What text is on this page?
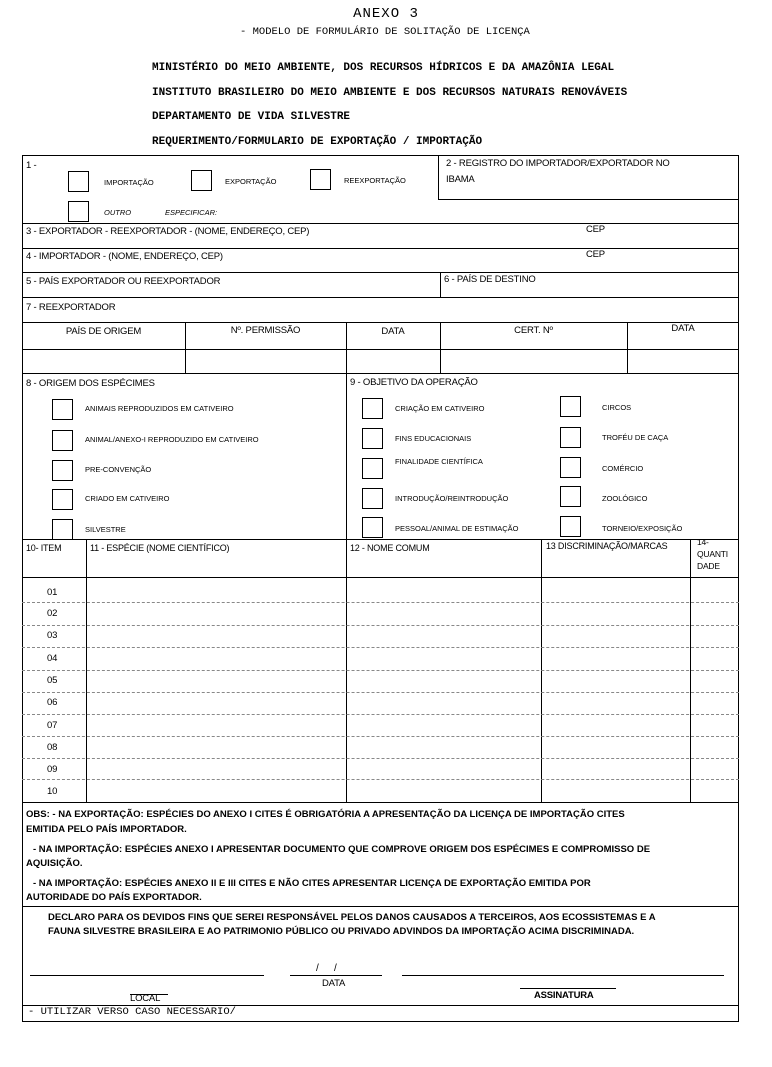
ANEXO 3
- MODELO DE FORMULÁRIO DE SOLITAÇÃO DE LICENÇA
MINISTÉRIO DO MEIO AMBIENTE, DOS RECURSOS HÍDRICOS E DA AMAZÔNIA LEGAL
INSTITUTO BRASILEIRO DO MEIO AMBIENTE E DOS RECURSOS NATURAIS RENOVÁVEIS
DEPARTAMENTO DE VIDA SILVESTRE
REQUERIMENTO/FORMULARIO DE EXPORTAÇÃO / IMPORTAÇÃO
1 -
IMPORTAÇÃO	EXPORTAÇÃO	REEXPORTAÇÃO
OUTRO	ESPECIFICAR:
2 - REGISTRO DO IMPORTADOR/EXPORTADOR NO
IBAMA
3 - EXPORTADOR - REEXPORTADOR - (NOME, ENDEREÇO, CEP)	CEP
4 - IMPORTADOR - (NOME, ENDEREÇO, CEP)	CEP
5 - PAÍS EXPORTADOR OU REEXPORTADOR	6 - PAÍS DE DESTINO
7 - REEXPORTADOR
PAÍS DE ORIGEM	Nº. PERMISSÃO	DATA	CERT. Nº	DATA
8 - ORIGEM DOS ESPÉCIMES	9 - OBJETIVO DA OPERAÇÃO
ANIMAIS REPRODUZIDOS EM CATIVEIRO
ANIMAL/ANEXO-I REPRODUZIDO EM CATIVEIRO
PRE-CONVENÇÃO
CRIADO EM CATIVEIRO
SILVESTRE
CRIAÇÃO EM CATIVEIRO
FINS EDUCACIONAIS
FINALIDADE CIENTÍFICA
INTRODUÇÃO/REINTRODUÇÃO
PESSOAL/ANIMAL DE ESTIMAÇÃO
CIRCOS
TROFÉU DE CAÇA
COMÉRCIO
ZOOLÓGICO
TORNEIO/EXPOSIÇÃO
10- ITEM	11 - ESPÉCIE (NOME CIENTÍFICO)	12 - NOME COMUM	13 DISCRIMINAÇÃO/MARCAS	14-
QUANTI
DADE
01
02
03
04
05
06
07
08
09
10
OBS: - NA EXPORTAÇÃO: ESPÉCIES DO ANEXO I CITES É OBRIGATÓRIA A APRESENTAÇÃO DA LICENÇA DE IMPORTAÇÃO CITES
EMITIDA PELO PAÍS IMPORTADOR.
- NA IMPORTAÇÃO: ESPÉCIES ANEXO I APRESENTAR DOCUMENTO QUE COMPROVE ORIGEM DOS ESPÉCIMES E COMPROMISSO DE
AQUISIÇÃO.
- NA IMPORTAÇÃO: ESPÉCIES ANEXO II E III CITES E NÃO CITES APRESENTAR LICENÇA DE EXPORTAÇÃO EMITIDA POR
AUTORIDADE DO PAÍS EXPORTADOR.
DECLARO PARA OS DEVIDOS FINS QUE SEREI RESPONSÁVEL PELOS DANOS CAUSADOS A TERCEIROS, AOS ECOSSISTEMAS E A
FAUNA SILVESTRE BRASILEIRA E AO PATRIMONIO PÚBLICO OU PRIVADO ADVINDOS DA IMPORTAÇÃO ACIMA DISCRIMINADA.
/      /
DATA
LOCAL	ASSINATURA
- UTILIZAR VERSO CASO NECESSARIO/
